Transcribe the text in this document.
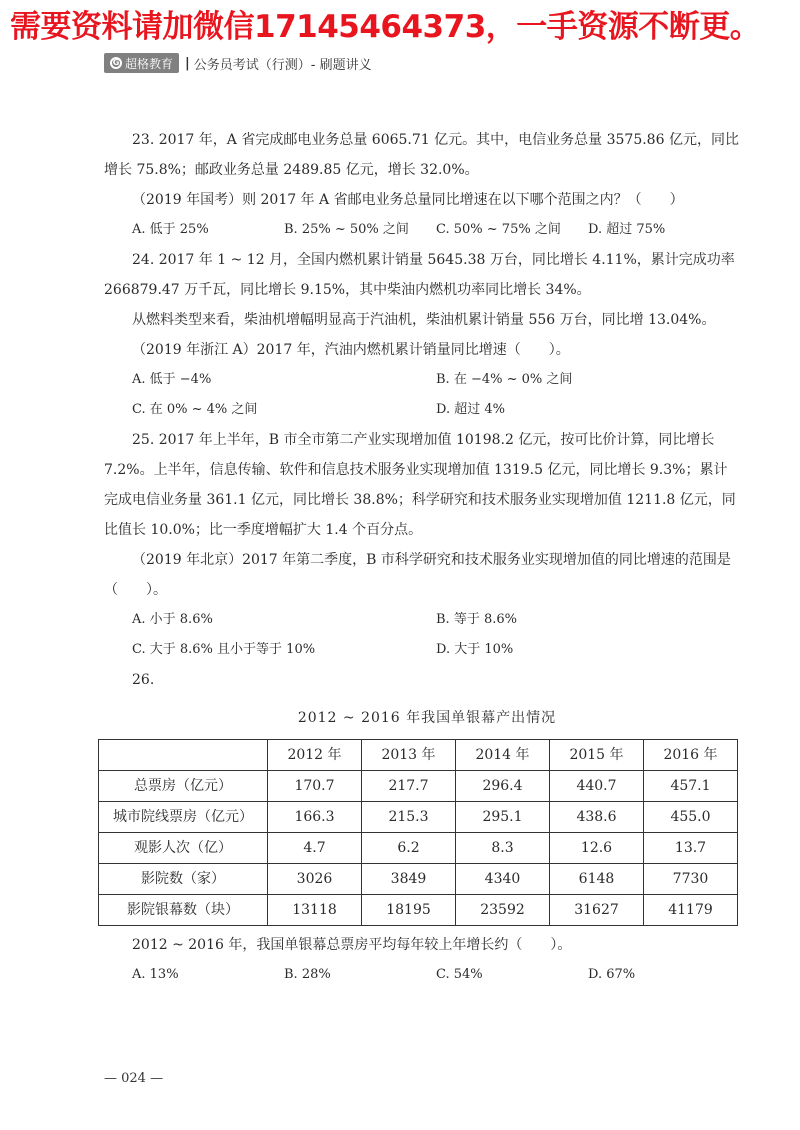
需要资料请加微信17145464373，一手资源不断更。
G 超格教育 | 公务员考试（行测）- 刷题讲义

23. 2017 年，A 省完成邮电业务总量 6065.71 亿元。其中，电信业务总量 3575.86 亿元，同比增长 75.8%；邮政业务总量 2489.85 亿元，增长 32.0%。

（2019 年国考）则 2017 年 A 省邮电业务总量同比增速在以下哪个范围之内？（　　）

A. 低于 25%	B. 25% ~ 50% 之间	C. 50% ~ 75% 之间	D. 超过 75%

24. 2017 年 1 ~ 12 月，全国内燃机累计销量 5645.38 万台，同比增长 4.11%，累计完成功率 266879.47 万千瓦，同比增长 9.15%，其中柴油内燃机功率同比增长 34%。

从燃料类型来看，柴油机增幅明显高于汽油机，柴油机累计销量 556 万台，同比增 13.04%。

（2019 年浙江 A）2017 年，汽油内燃机累计销量同比增速（　　）。

A. 低于 −4%	B. 在 −4% ~ 0% 之间
C. 在 0% ~ 4% 之间	D. 超过 4%

25. 2017 年上半年，B 市全市第二产业实现增加值 10198.2 亿元，按可比价计算，同比增长 7.2%。上半年，信息传输、软件和信息技术服务业实现增加值 1319.5 亿元，同比增长 9.3%；累计完成电信业务量 361.1 亿元，同比增长 38.8%；科学研究和技术服务业实现增加值 1211.8 亿元，同比值长 10.0%；比一季度增幅扩大 1.4 个百分点。

（2019 年北京）2017 年第二季度，B 市科学研究和技术服务业实现增加值的同比增速的范围是（　　）。

A. 小于 8.6%	B. 等于 8.6%
C. 大于 8.6% 且小于等于 10%	D. 大于 10%

26.

2012 ~ 2016 年我国单银幕产出情况
	2012 年	2013 年	2014 年	2015 年	2016 年
总票房（亿元）	170.7	217.7	296.4	440.7	457.1
城市院线票房（亿元）	166.3	215.3	295.1	438.6	455.0
观影人次（亿）	4.7	6.2	8.3	12.6	13.7
影院数（家）	3026	3849	4340	6148	7730
影院银幕数（块）	13118	18195	23592	31627	41179

2012 ~ 2016 年，我国单银幕总票房平均每年较上年增长约（　　）。

A. 13%	B. 28%	C. 54%	D. 67%
— 024 —
